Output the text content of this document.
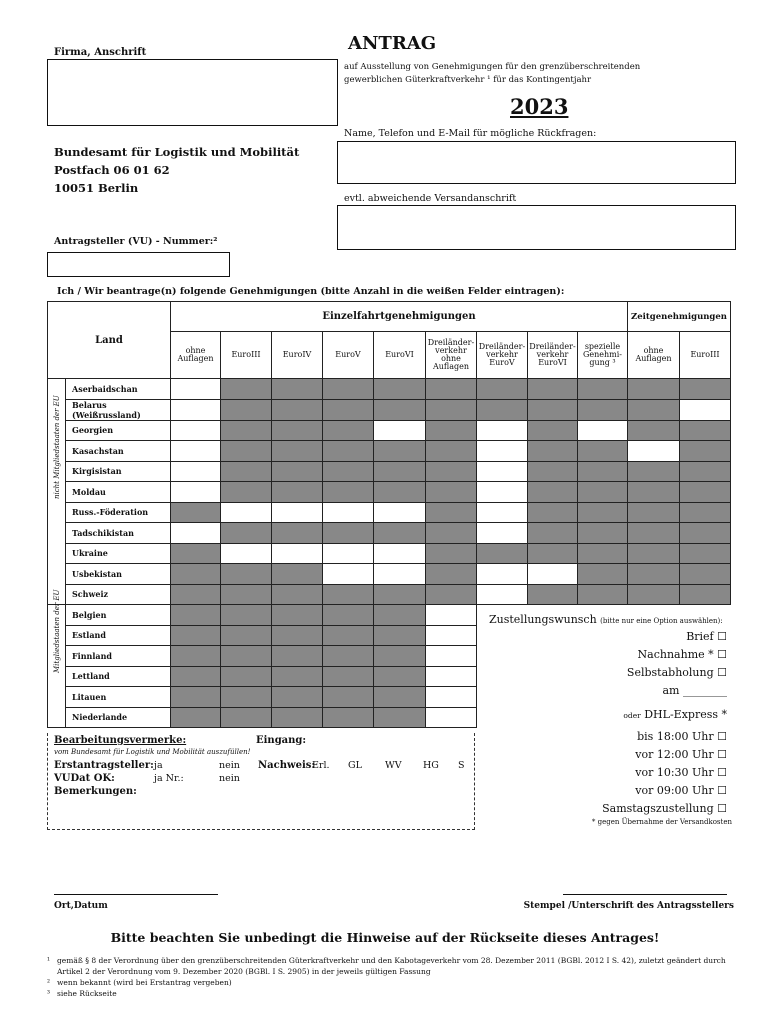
Firma, Anschrift	ANTRAG
auf Ausstellung von Genehmigungen für den grenzüberschreitenden
gewerblichen Güterkraftverkehr ¹ für das Kontingentjahr
2023
Bundesamt für Logistik und Mobilität
Postfach 06 01 62
10051 Berlin
Name, Telefon und E-Mail für mögliche Rückfragen:
evtl. abweichende Versandanschrift
Antragsteller (VU) - Nummer:²
Ich / Wir beantrage(n) folgende Genehmigungen (bitte Anzahl in die weißen Felder eintragen):
Land		Einzelfahrtgenehmigungen									Zeitgenehmigungen	
		ohne Auflagen	EuroIII	EuroIV	EuroV	EuroVI	Dreiländer-verkehr ohne Auflagen	Dreiländer-verkehr EuroV	Dreiländer-verkehr EuroVI	spezielle Genehmi-gung ³	ohne Auflagen	EuroIII

nicht Mitgliedstaaten der EU	Aserbaidschan											
	Belarus (Weißrussland)											
	Georgien											
	Kasachstan											
	Kirgisistan											
	Moldau											
	Russ.-Föderation											
	Tadschikistan											
	Ukraine											
	Usbekistan											
	Schweiz											

Mitgliedstaaten der EU	Belgien											
	Estland											
	Finnland											
	Lettland											
	Litauen											
	Niederlande											
Bearbeitungsvermerke:	Eingang:
vom Bundesamt für Logistik und Mobilität auszufüllen!
Erstantragsteller: ja	nein Nachweis:
Erl. GL WV HG S
VUDat OK:	ja Nr.:	nein
Bemerkungen:
Zustellungswunsch (bitte nur eine Option auswählen):
Brief ☐
Nachnahme * ☐
Selbstabholung ☐
am ________
oder DHL-Express *
bis 18:00 Uhr ☐
vor 12:00 Uhr ☐
vor 10:30 Uhr ☐
vor 09:00 Uhr ☐
Samstagszustellung ☐
* gegen Übernahme der Versandkosten
Ort,Datum	Stempel /Unterschrift des Antragsstellers
Bitte beachten Sie unbedingt die Hinweise auf der Rückseite dieses Antrages!
¹ gemäß § 8 der Verordnung über den grenzüberschreitenden Güterkraftverkehr und den Kabotageverkehr vom 28. Dezember 2011 (BGBl. 2012 I S. 42), zuletzt geändert durch
Artikel 2 der Verordnung vom 9. Dezember 2020 (BGBl. I S. 2905) in der jeweils gültigen Fassung
² wenn bekannt (wird bei Erstantrag vergeben)
³ siehe Rückseite
